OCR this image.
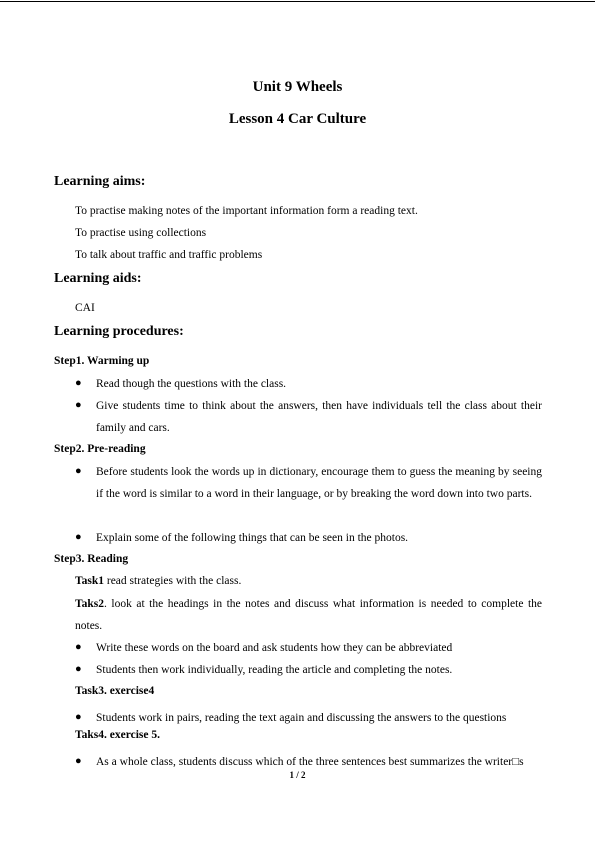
Unit 9 Wheels
Lesson 4 Car Culture
Learning aims:
To practise making notes of the important information form a reading text.
To practise using collections
To talk about traffic and traffic problems
Learning aids:
CAI
Learning procedures:
Step1. Warming up
●	Read though the questions with the class.
●	Give students time to think about the answers, then have individuals tell the class about their family and cars.
Step2. Pre-reading
●	Before students look the words up in dictionary, encourage them to guess the meaning by seeing if the word is similar to a word in their language, or by breaking the word down into two parts.
●	Explain some of the following things that can be seen in the photos.
Step3. Reading
Task1 read strategies with the class.
Taks2. look at the headings in the notes and discuss what information is needed to complete the notes.
●	Write these words on the board and ask students how they can be abbreviated
●	Students then work individually, reading the article and completing the notes.
Task3. exercise4
●	Students work in pairs, reading the text again and discussing the answers to the questions
Taks4. exercise 5.
●	As a whole class, students discuss which of the three sentences best summarizes the writer□s
1 / 2
